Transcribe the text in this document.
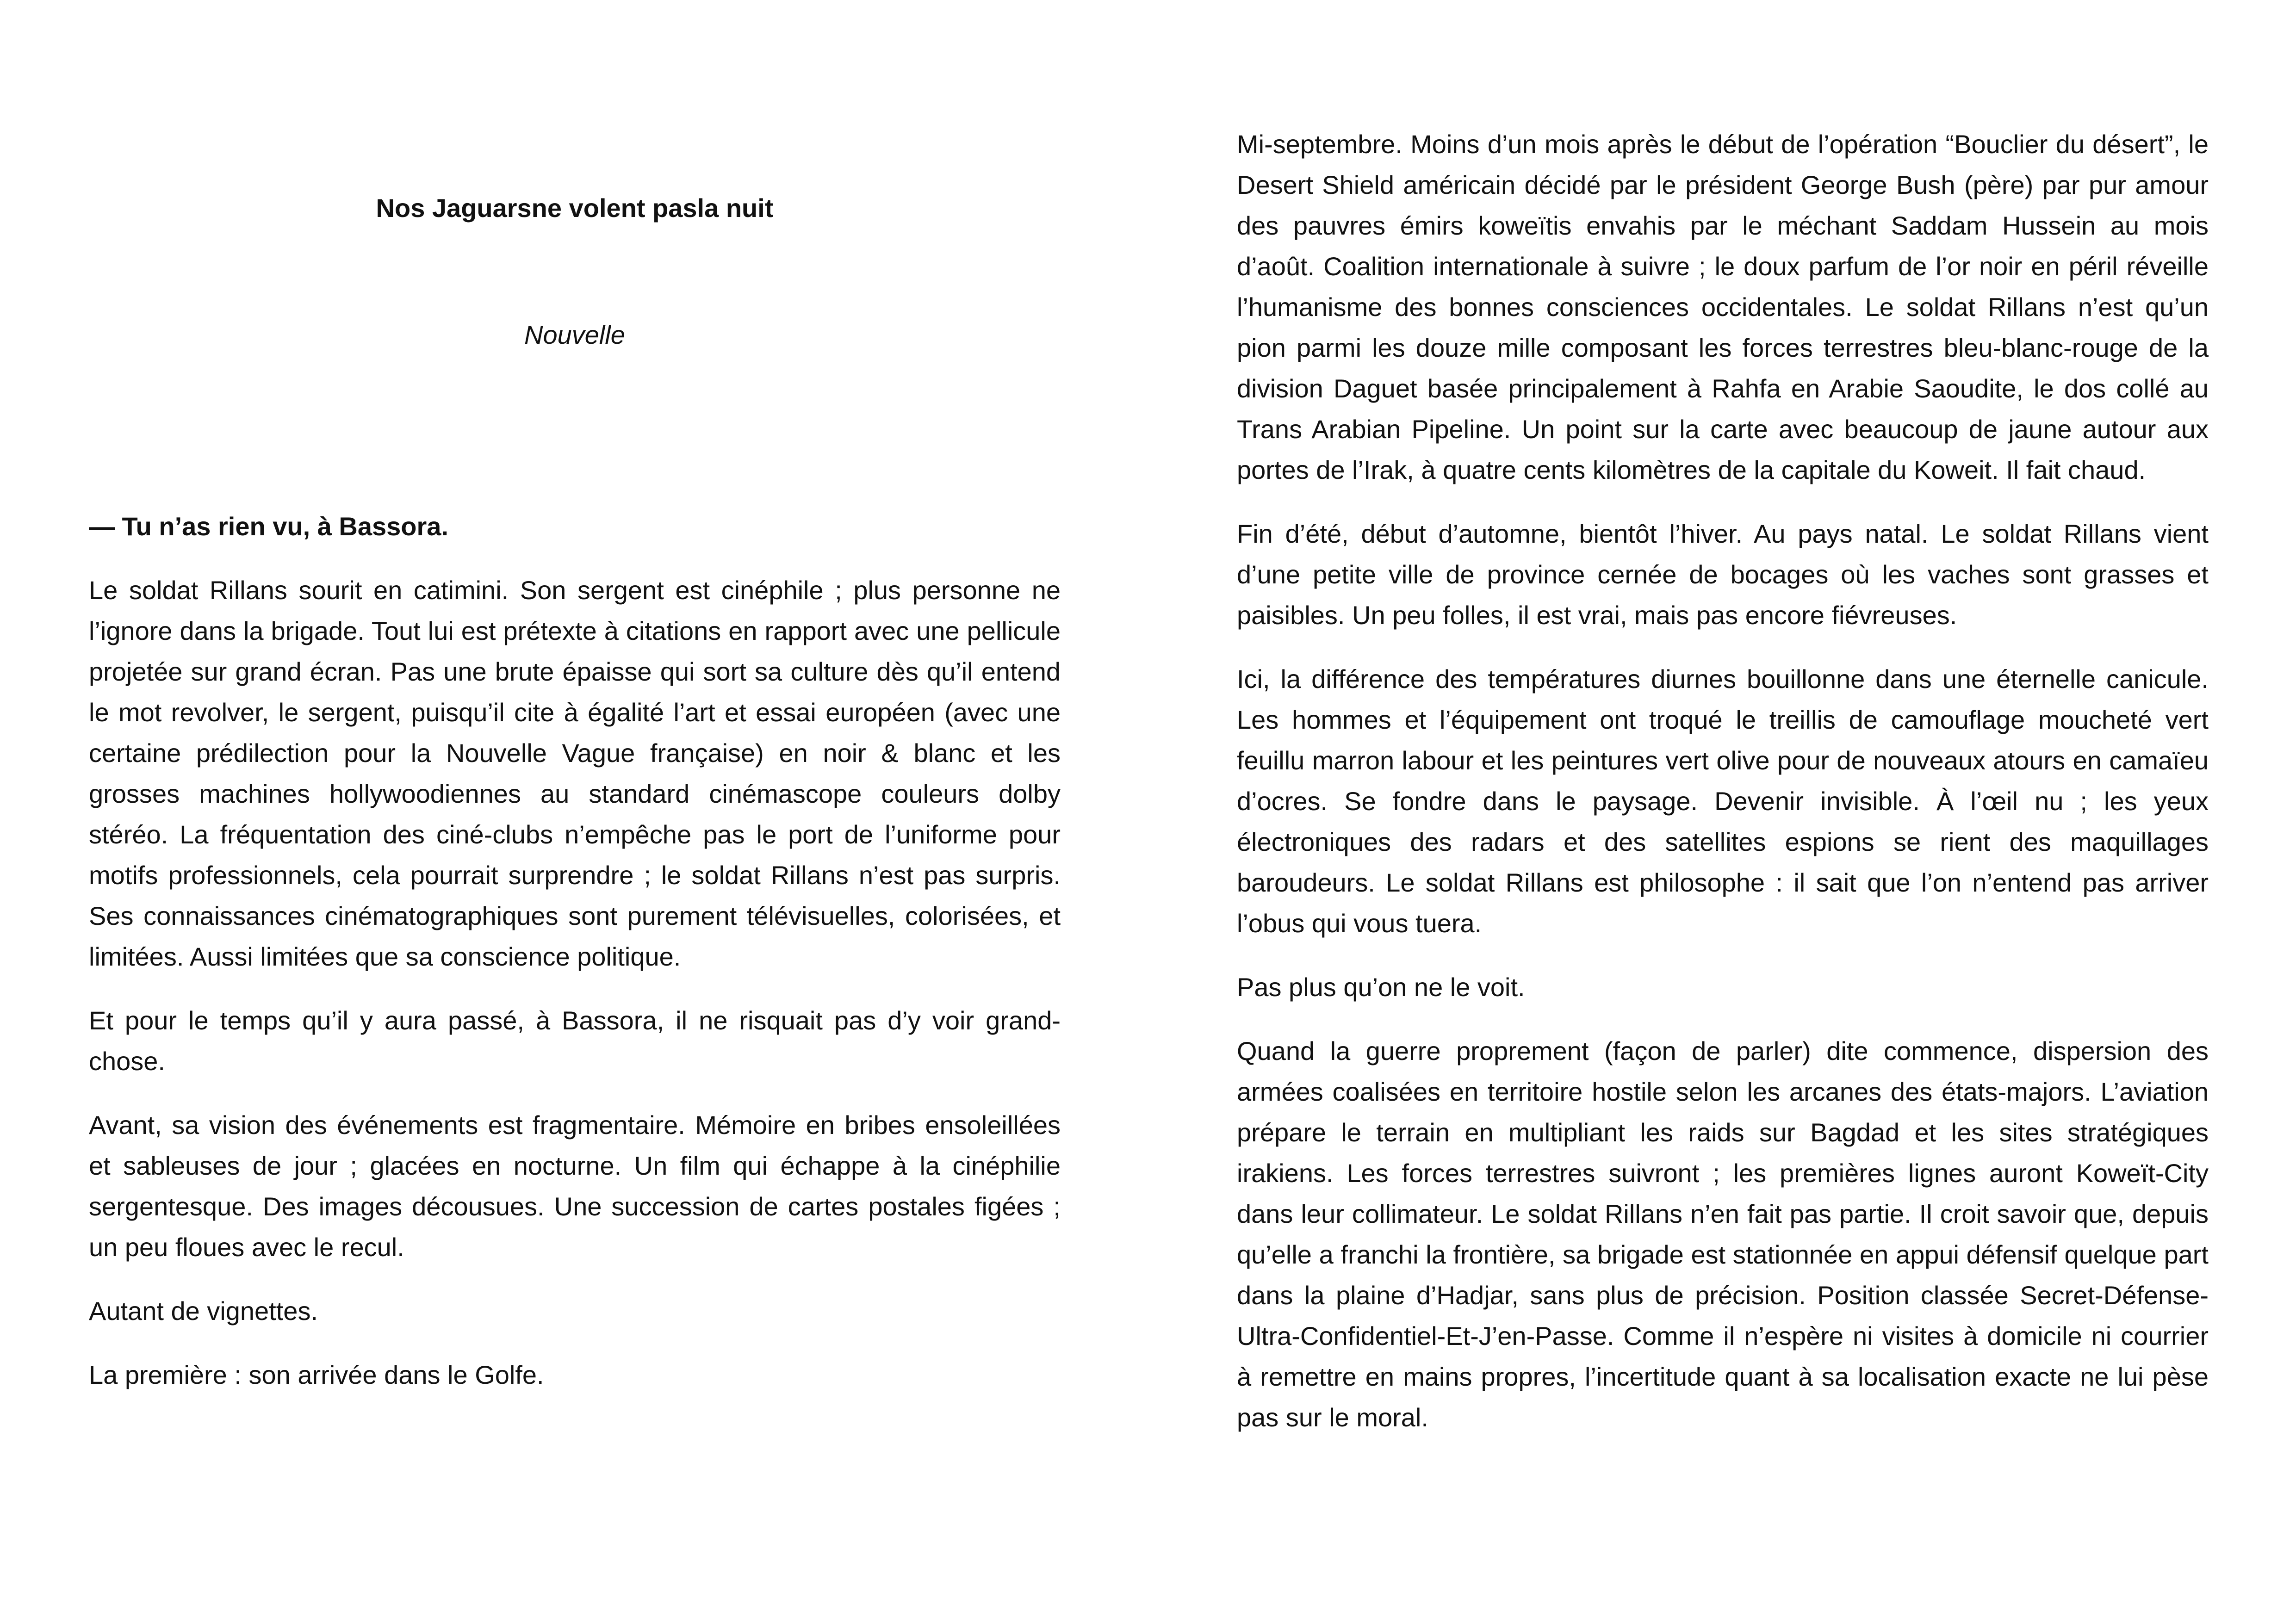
Nos Jaguarsne volent pasla nuit
Nouvelle

— Tu n’as rien vu, à Bassora.

Le soldat Rillans sourit en catimini. Son sergent est cinéphile ; plus personne ne l’ignore dans la brigade. Tout lui est prétexte à citations en rapport avec une pellicule projetée sur grand écran. Pas une brute épaisse qui sort sa culture dès qu’il entend le mot revolver, le sergent, puisqu’il cite à égalité l’art et essai européen (avec une certaine prédilection pour la Nouvelle Vague française) en noir & blanc et les grosses machines hollywoodiennes au standard cinémascope couleurs dolby stéréo. La fréquentation des ciné-clubs n’empêche pas le port de l’uniforme pour motifs professionnels, cela pourrait surprendre ; le soldat Rillans n’est pas surpris. Ses connaissances cinématographiques sont purement télévisuelles, colorisées, et limitées. Aussi limitées que sa conscience politique.

Et pour le temps qu’il y aura passé, à Bassora, il ne risquait pas d’y voir grand-chose.

Avant, sa vision des événements est fragmentaire. Mémoire en bribes ensoleillées et sableuses de jour ; glacées en nocturne. Un film qui échappe à la cinéphilie sergentesque. Des images décousues. Une succession de cartes postales figées ; un peu floues avec le recul.

Autant de vignettes.

La première : son arrivée dans le Golfe.

Mi-septembre. Moins d’un mois après le début de l’opération “Bouclier du désert”, le Desert Shield américain décidé par le président George Bush (père) par pur amour des pauvres émirs koweïtis envahis par le méchant Saddam Hussein au mois d’août. Coalition internationale à suivre ; le doux parfum de l’or noir en péril réveille l’humanisme des bonnes consciences occidentales. Le soldat Rillans n’est qu’un pion parmi les douze mille composant les forces terrestres bleu-blanc-rouge de la division Daguet basée principalement à Rahfa en Arabie Saoudite, le dos collé au Trans Arabian Pipeline. Un point sur la carte avec beaucoup de jaune autour aux portes de l’Irak, à quatre cents kilomètres de la capitale du Koweit. Il fait chaud.

Fin d’été, début d’automne, bientôt l’hiver. Au pays natal. Le soldat Rillans vient d’une petite ville de province cernée de bocages où les vaches sont grasses et paisibles. Un peu folles, il est vrai, mais pas encore fiévreuses.

Ici, la différence des températures diurnes bouillonne dans une éternelle canicule. Les hommes et l’équipement ont troqué le treillis de camouflage moucheté vert feuillu marron labour et les peintures vert olive pour de nouveaux atours en camaïeu d’ocres. Se fondre dans le paysage. Devenir invisible. À l’œil nu ; les yeux électroniques des radars et des satellites espions se rient des maquillages baroudeurs. Le soldat Rillans est philosophe : il sait que l’on n’entend pas arriver l’obus qui vous tuera.

Pas plus qu’on ne le voit.

Quand la guerre proprement (façon de parler) dite commence, dispersion des armées coalisées en territoire hostile selon les arcanes des états-majors. L’aviation prépare le terrain en multipliant les raids sur Bagdad et les sites stratégiques irakiens. Les forces terrestres suivront ; les premières lignes auront Koweït-City dans leur collimateur. Le soldat Rillans n’en fait pas partie. Il croit savoir que, depuis qu’elle a franchi la frontière, sa brigade est stationnée en appui défensif quelque part dans la plaine d’Hadjar, sans plus de précision. Position classée Secret-Défense-Ultra-Confidentiel-Et-J’en-Passe. Comme il n’espère ni visites à domicile ni courrier à remettre en mains propres, l’incertitude quant à sa localisation exacte ne lui pèse pas sur le moral.
